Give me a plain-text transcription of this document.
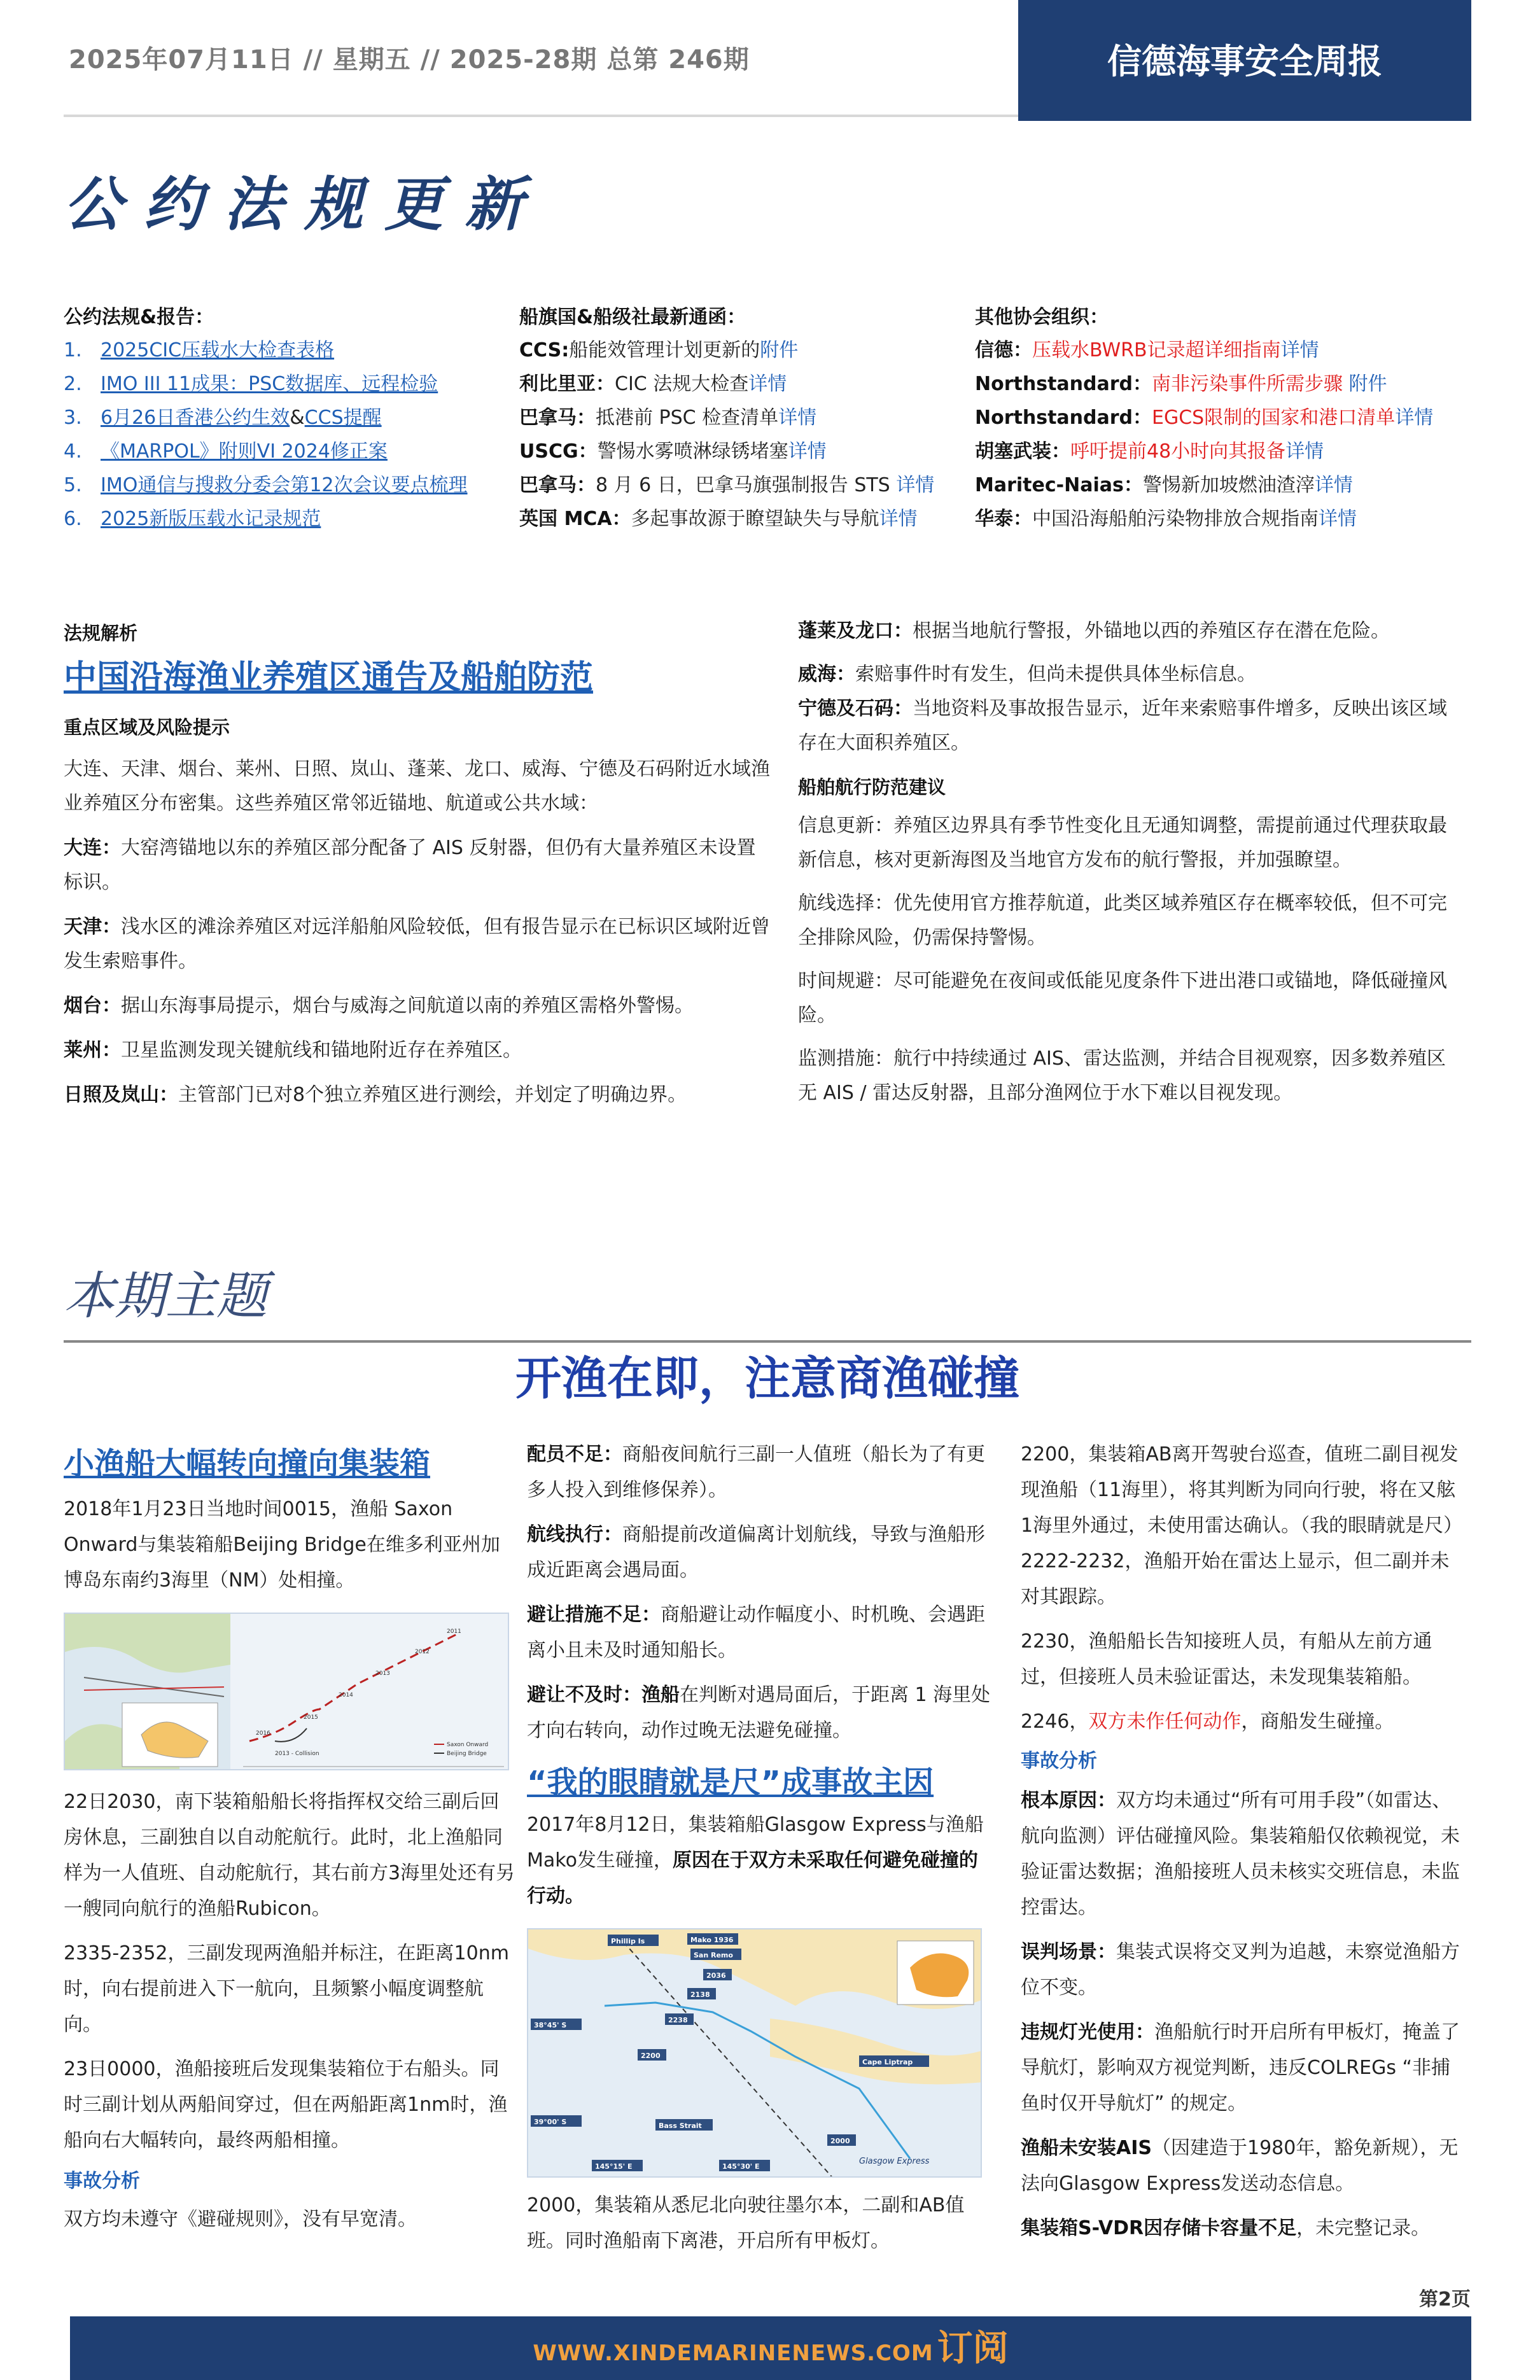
2025年07月11日 // 星期五 // 2025-28期 总第 246期	信德海事安全周报
公约法规更新
公约法规&报告：
1. 2025CIC压载水大检查表格
2. IMO III 11成果：PSC数据库、远程检验
3. 6月26日香港公约生效&CCS提醒
4. 《MARPOL》附则VI 2024修正案
5. IMO通信与搜救分委会第12次会议要点梳理
6. 2025新版压载水记录规范
船旗国&船级社最新通函：
CCS:船能效管理计划更新的附件
利比里亚：CIC 法规大检查详情
巴拿马：抵港前 PSC 检查清单详情
USCG：警惕水雾喷淋绿锈堵塞详情
巴拿马：8 月 6 日，巴拿马旗强制报告 STS 详情
英国 MCA：多起事故源于瞭望缺失与导航详情
其他协会组织：
信德：压载水BWRB记录超详细指南详情
Northstandard：南非污染事件所需步骤 附件
Northstandard：EGCS限制的国家和港口清单详情
胡塞武装：呼吁提前48小时向其报备详情
Maritec-Naias：警惕新加坡燃油渣滓详情
华泰：中国沿海船舶污染物排放合规指南详情
法规解析
中国沿海渔业养殖区通告及船舶防范
重点区域及风险提示
大连、天津、烟台、莱州、日照、岚山、蓬莱、龙口、威海、宁德及石码附近水域渔业养殖区分布密集。这些养殖区常邻近锚地、航道或公共水域：
大连：大窑湾锚地以东的养殖区部分配备了 AIS 反射器，但仍有大量养殖区未设置标识。
天津：浅水区的滩涂养殖区对远洋船舶风险较低，但有报告显示在已标识区域附近曾发生索赔事件。
烟台：据山东海事局提示，烟台与威海之间航道以南的养殖区需格外警惕。
莱州：卫星监测发现关键航线和锚地附近存在养殖区。
日照及岚山：主管部门已对8个独立养殖区进行测绘，并划定了明确边界。
蓬莱及龙口：根据当地航行警报，外锚地以西的养殖区存在潜在危险。
威海：索赔事件时有发生，但尚未提供具体坐标信息。
宁德及石码：当地资料及事故报告显示，近年来索赔事件增多，反映出该区域存在大面积养殖区。
船舶航行防范建议
信息更新：养殖区边界具有季节性变化且无通知调整，需提前通过代理获取最新信息，核对更新海图及当地官方发布的航行警报，并加强瞭望。
航线选择：优先使用官方推荐航道，此类区域养殖区存在概率较低，但不可完全排除风险，仍需保持警惕。
时间规避：尽可能避免在夜间或低能见度条件下进出港口或锚地，降低碰撞风险。
监测措施：航行中持续通过 AIS、雷达监测，并结合目视观察，因多数养殖区无 AIS / 雷达反射器，且部分渔网位于水下难以目视发现。
本期主题
开渔在即，注意商渔碰撞
小渔船大幅转向撞向集装箱
2018年1月23日当地时间0015，渔船 Saxon Onward与集装箱船Beijing Bridge在维多利亚州加博岛东南约3海里（NM）处相撞。
2011
2012
2013
2014
2015
2016
2013 - Collision
Saxon Onward
Beijing Bridge
22日2030，南下装箱船船长将指挥权交给三副后回房休息，三副独自以自动舵航行。此时，北上渔船同样为一人值班、自动舵航行，其右前方3海里处还有另一艘同向航行的渔船Rubicon。
2335-2352，三副发现两渔船并标注，在距离10nm时，向右提前进入下一航向，且频繁小幅度调整航向。
23日0000，渔船接班后发现集装箱位于右船头。同时三副计划从两船间穿过，但在两船距离1nm时，渔船向右大幅转向，最终两船相撞。
事故分析
双方均未遵守《避碰规则》，没有早宽清。
配员不足：商船夜间航行三副一人值班（船长为了有更多人投入到维修保养）。
航线执行：商船提前改道偏离计划航线，导致与渔船形成近距离会遇局面。
避让措施不足：商船避让动作幅度小、时机晚、会遇距离小且未及时通知船长。
避让不及时：渔船在判断对遇局面后，于距离 1 海里处才向右转向，动作过晚无法避免碰撞。
“我的眼睛就是尺”成事故主因
2017年8月12日，集装箱船Glasgow Express与渔船Mako发生碰撞，原因在于双方未采取任何避免碰撞的行动。
Phillip Is	Mako 1936
San Remo
2036
2138
2238
2200
38°45' S
39°00' S	Bass Strait
Cape Liptrap
2000
145°15' E	145°30' E
Glasgow Express
2000，集装箱从悉尼北向驶往墨尔本，二副和AB值班。同时渔船南下离港，开启所有甲板灯。
2200，集装箱AB离开驾驶台巡查，值班二副目视发现渔船（11海里），将其判断为同向行驶，将在又舷1海里外通过，未使用雷达确认。（我的眼睛就是尺）2222-2232，渔船开始在雷达上显示，但二副并未对其跟踪。
2230，渔船船长告知接班人员，有船从左前方通过，但接班人员未验证雷达，未发现集装箱船。
2246，双方未作任何动作，商船发生碰撞。
事故分析
根本原因：双方均未通过“所有可用手段”（如雷达、航向监测）评估碰撞风险。集装箱船仅依赖视觉，未验证雷达数据；渔船接班人员未核实交班信息，未监控雷达。
误判场景：集装式误将交叉判为追越，未察觉渔船方位不变。
违规灯光使用：渔船航行时开启所有甲板灯，掩盖了导航灯，影响双方视觉判断，违反COLREGs “非捕鱼时仅开导航灯” 的规定。
渔船未安装AIS（因建造于1980年，豁免新规），无法向Glasgow Express发送动态信息。
集装箱S-VDR因存储卡容量不足，未完整记录。
第2页
WWW.XINDEMARINENEWS.COM 订阅
